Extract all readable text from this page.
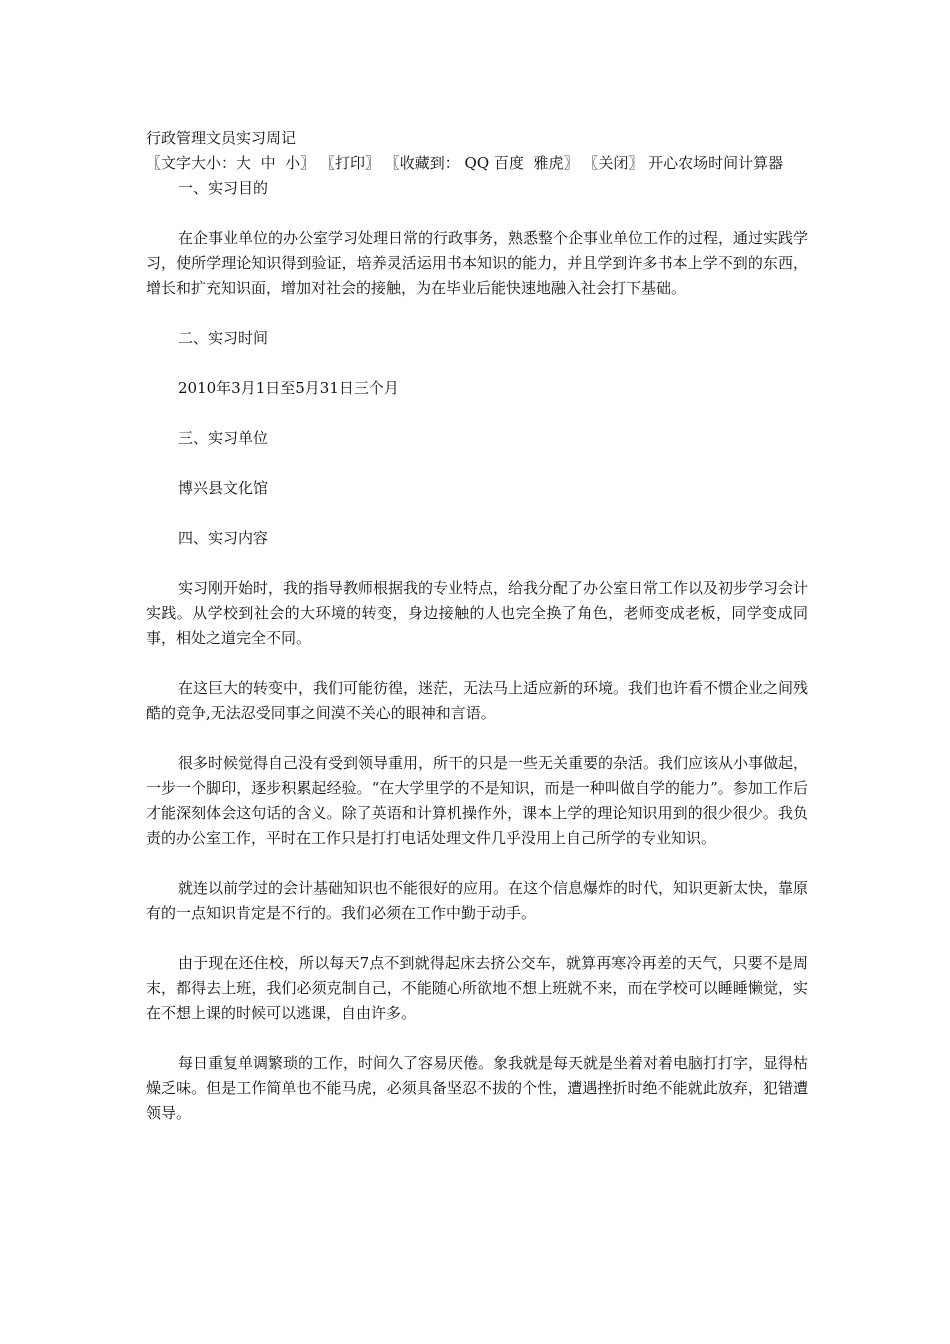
行政管理文员实习周记

〖文字大小：大 中 小〗 〖打印〗 〖收藏到： QQ 百度 雅虎〗 〖关闭〗 开心农场时间计算器

一、实习目的

在企事业单位的办公室学习处理日常的行政事务，熟悉整个企事业单位工作的过程，通过实践学习，使所学理论知识得到验证，培养灵活运用书本知识的能力，并且学到许多书本上学不到的东西，增长和扩充知识面，增加对社会的接触，为在毕业后能快速地融入社会打下基础。

二、实习时间

2010年3月1日至5月31日三个月

三、实习单位

博兴县文化馆

四、实习内容

实习刚开始时，我的指导教师根据我的专业特点，给我分配了办公室日常工作以及初步学习会计实践。从学校到社会的大环境的转变，身边接触的人也完全换了角色，老师变成老板，同学变成同事，相处之道完全不同。

在这巨大的转变中，我们可能彷徨，迷茫，无法马上适应新的环境。我们也许看不惯企业之间残酷的竞争,无法忍受同事之间漠不关心的眼神和言语。

很多时候觉得自己没有受到领导重用，所干的只是一些无关重要的杂活。我们应该从小事做起，一步一个脚印，逐步积累起经验。“在大学里学的不是知识，而是一种叫做自学的能力”。参加工作后才能深刻体会这句话的含义。除了英语和计算机操作外，课本上学的理论知识用到的很少很少。我负责的办公室工作，平时在工作只是打打电话处理文件几乎没用上自己所学的专业知识。

就连以前学过的会计基础知识也不能很好的应用。在这个信息爆炸的时代，知识更新太快，靠原有的一点知识肯定是不行的。我们必须在工作中勤于动手。

由于现在还住校，所以每天7点不到就得起床去挤公交车，就算再寒冷再差的天气，只要不是周末，都得去上班，我们必须克制自己，不能随心所欲地不想上班就不来，而在学校可以睡睡懒觉，实在不想上课的时候可以逃课，自由许多。

每日重复单调繁琐的工作，时间久了容易厌倦。象我就是每天就是坐着对着电脑打打字，显得枯燥乏味。但是工作简单也不能马虎，必须具备坚忍不拔的个性，遭遇挫折时绝不能就此放弃，犯错遭领导。
